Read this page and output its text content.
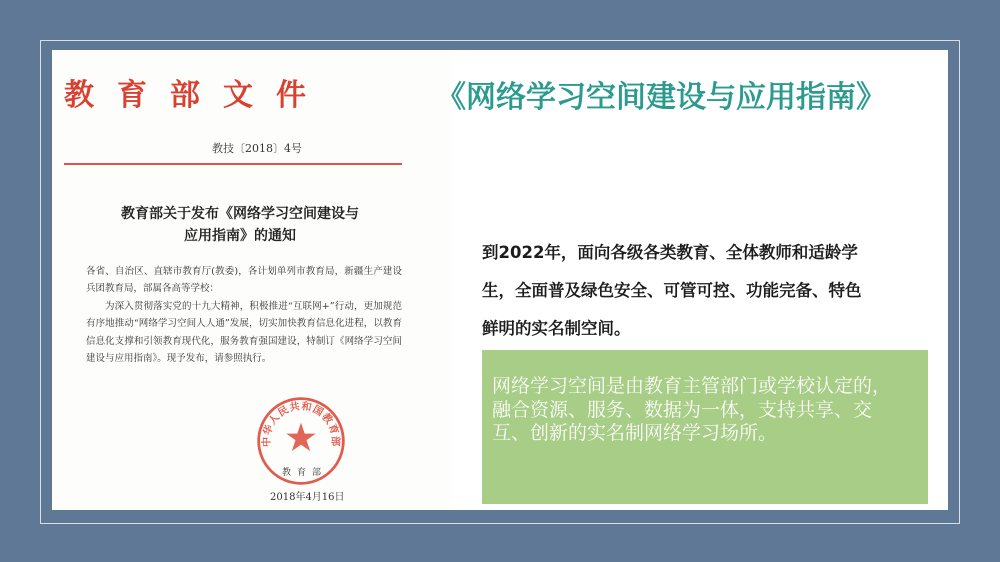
教育部文件
教技〔2018〕4号
教育部关于发布《网络学习空间建设与
应用指南》的通知

各省、自治区、直辖市教育厅(教委)，各计划单列市教育局，新疆生产建设兵团教育局，部属各高等学校：

为深入贯彻落实党的十九大精神，积极推进“互联网+”行动，更加规范有序地推动“网络学习空间人人通”发展，切实加快教育信息化进程，以教育信息化支撑和引领教育现代化，服务教育强国建设，特制订《网络学习空间建设与应用指南》。现予发布，请参照执行。

中华人民共和国教育部
教育部
2018年4月16日
《网络学习空间建设与应用指南》

到2022年，面向各级各类教育、全体教师和适龄学生，全面普及绿色安全、可管可控、功能完备、特色鲜明的实名制空间。

网络学习空间是由教育主管部门或学校认定的，融合资源、服务、数据为一体，支持共享、交互、创新的实名制网络学习场所。
